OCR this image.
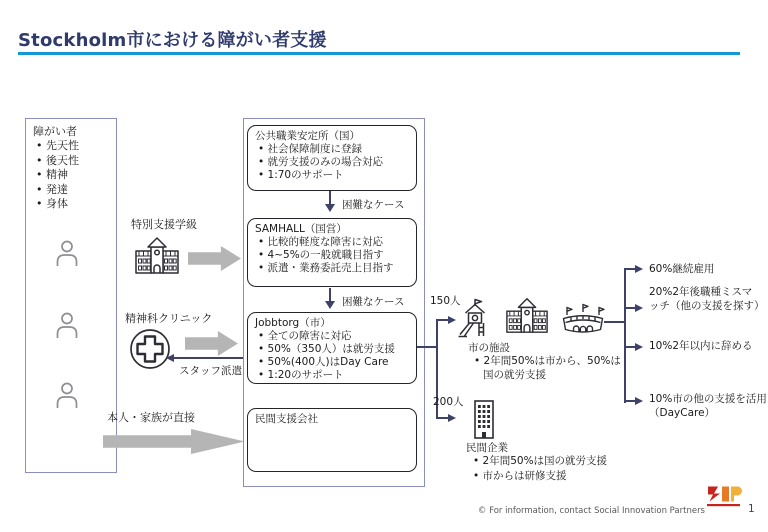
Stockholm市における障がい者支援
障がい者
• 先天性
• 後天性
• 精神
• 発達
• 身体
特別支援学級
精神科クリニック
スタッフ派遣
本人・家族が直接
公共職業安定所（国）
• 社会保障制度に登録
• 就労支援のみの場合対応
• 1:70のサポート
困難なケース
SAMHALL（国営）
• 比較的軽度な障害に対応
• 4~5%の一般就職目指す
• 派遣・業務委託売上目指す
困難なケース
Jobbtorg（市）
• 全ての障害に対応
• 50%（350人）は就労支援
• 50%(400人)はDay Care
• 1:20のサポート
民間支援会社
150人
200人
市の施設
• 2年間50%は市から、50%は国の就労支援
民間企業
• 2年間50%は国の就労支援
• 市からは研修支援
60%継続雇用
20%2年後職種ミスマッチ（他の支援を探す）
10%2年以内に辞める
10%市の他の支援を活用（DayCare）
© For information, contact Social Innovation Partners	1
